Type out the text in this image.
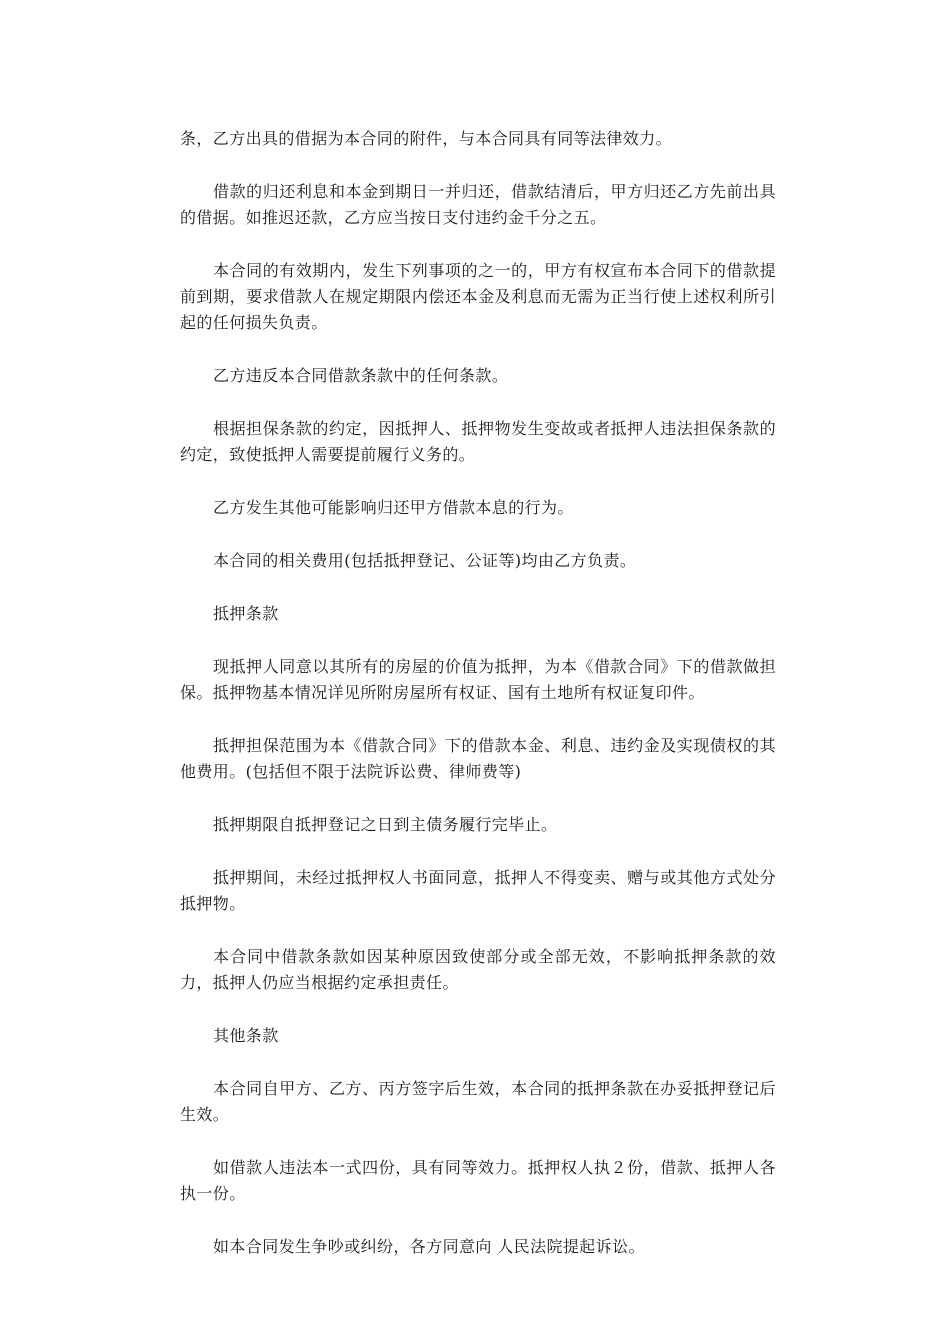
条，乙方出具的借据为本合同的附件，与本合同具有同等法律效力。

借款的归还利息和本金到期日一并归还，借款结清后，甲方归还乙方先前出具的借据。如推迟还款，乙方应当按日支付违约金千分之五。

本合同的有效期内，发生下列事项的之一的，甲方有权宣布本合同下的借款提前到期，要求借款人在规定期限内偿还本金及利息而无需为正当行使上述权利所引起的任何损失负责。

乙方违反本合同借款条款中的任何条款。

根据担保条款的约定，因抵押人、抵押物发生变故或者抵押人违法担保条款的约定，致使抵押人需要提前履行义务的。

乙方发生其他可能影响归还甲方借款本息的行为。

本合同的相关费用(包括抵押登记、公证等)均由乙方负责。

抵押条款

现抵押人同意以其所有的房屋的价值为抵押，为本《借款合同》下的借款做担保。抵押物基本情况详见所附房屋所有权证、国有土地所有权证复印件。

抵押担保范围为本《借款合同》下的借款本金、利息、违约金及实现债权的其他费用。(包括但不限于法院诉讼费、律师费等)

抵押期限自抵押登记之日到主债务履行完毕止。

抵押期间，未经过抵押权人书面同意，抵押人不得变卖、赠与或其他方式处分抵押物。

本合同中借款条款如因某种原因致使部分或全部无效，不影响抵押条款的效力，抵押人仍应当根据约定承担责任。

其他条款

本合同自甲方、乙方、丙方签字后生效，本合同的抵押条款在办妥抵押登记后生效。

如借款人违法本一式四份，具有同等效力。抵押权人执２份，借款、抵押人各执一份。

如本合同发生争吵或纠纷，各方同意向 人民法院提起诉讼。
